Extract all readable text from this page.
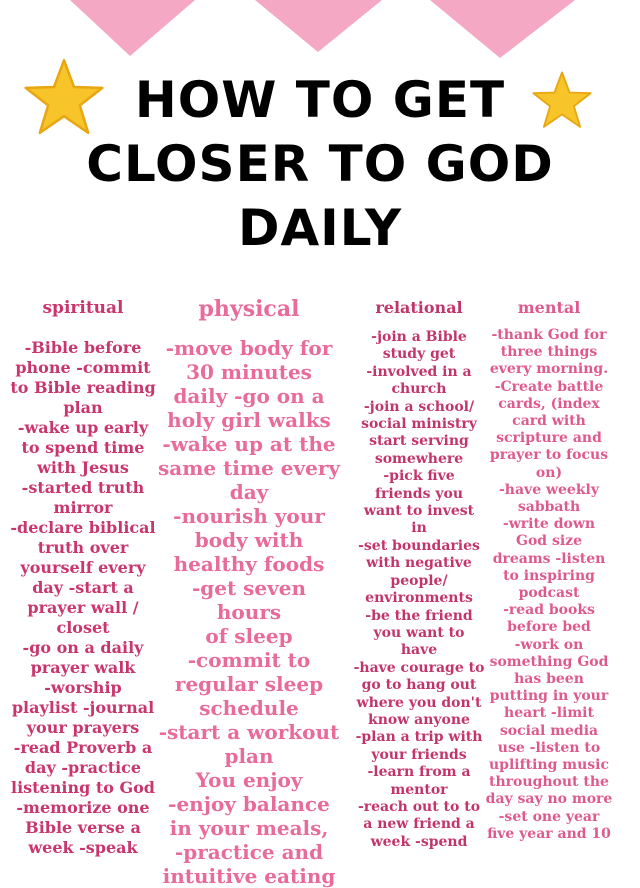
HOW TO GET
CLOSER TO GOD
DAILY
spiritual
-Bible before
phone -commit
to Bible reading
plan
-wake up early
to spend time
with Jesus
-started truth
mirror
-declare biblical
truth over
yourself every
day -start a
prayer wall /
closet
-go on a daily
prayer walk
-worship
playlist -journal
your prayers
-read Proverb a
day -practice
listening to God
-memorize one
Bible verse a
week -speak
physical
-move body for
30 minutes
daily -go on a
holy girl walks
-wake up at the
same time every
day
-nourish your
body with
healthy foods
-get seven hours
of sleep
-commit to
regular sleep
schedule
-start a workout
plan
You enjoy
-enjoy balance
in your meals,
-practice and
intuitive eating
relational
-join a Bible
study get
-involved in a
church
-join a school/
social ministry
start serving
somewhere
-pick five
friends you
want to invest
in
-set boundaries
with negative
people/
environments
-be the friend
you want to
have
-have courage to
go to hang out
where you don't
know anyone
-plan a trip with
your friends
-learn from a
mentor
-reach out to to
a new friend a
week -spend
mental
-thank God for
three things
every morning.
-Create battle
cards, (index
card with
scripture and
prayer to focus
on)
-have weekly
sabbath
-write down
God size
dreams -listen
to inspiring
podcast
-read books
before bed
-work on
something God
has been
putting in your
heart -limit
social media
use -listen to
uplifting music
throughout the
day say no more
-set one year
five year and 10
